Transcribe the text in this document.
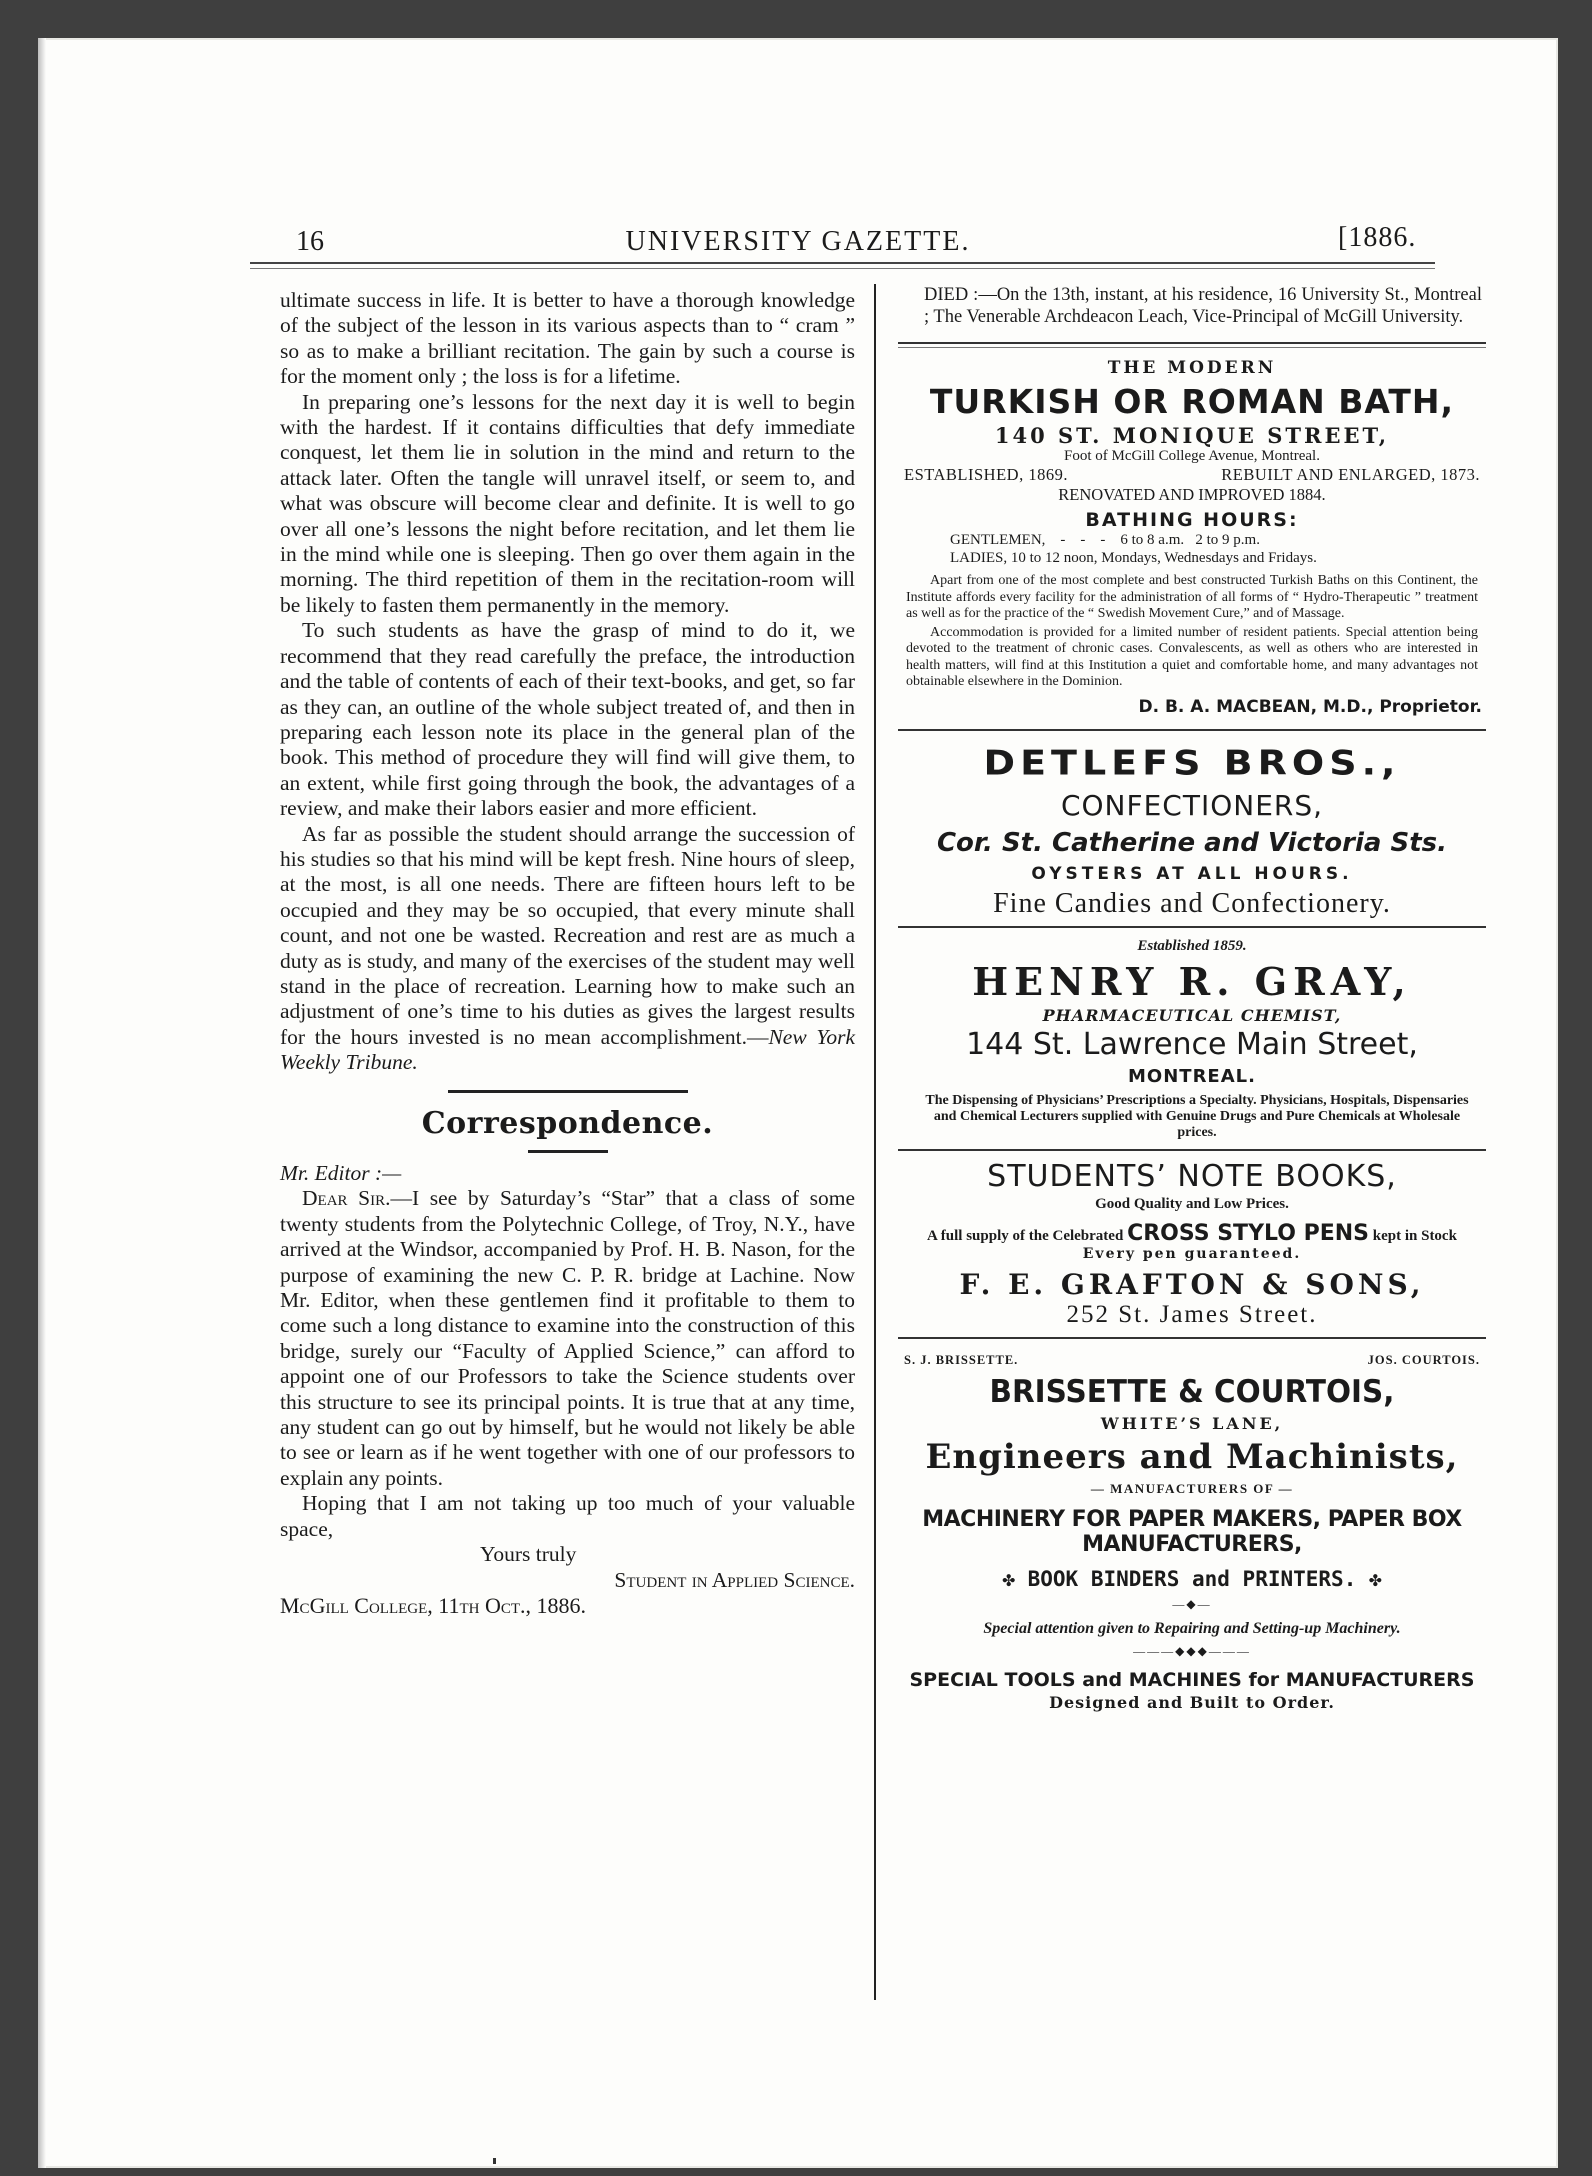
16	UNIVERSITY GAZETTE.	[1886.

ultimate success in life. It is better to have a thorough knowledge of the subject of the lesson in its various aspects than to “ cram ” so as to make a brilliant recitation. The gain by such a course is for the moment only ; the loss is for a lifetime.

In preparing one’s lessons for the next day it is well to begin with the hardest. If it contains difficulties that defy immediate conquest, let them lie in solution in the mind and return to the attack later. Often the tangle will unravel itself, or seem to, and what was obscure will become clear and definite. It is well to go over all one’s lessons the night before recitation, and let them lie in the mind while one is sleeping. Then go over them again in the morning. The third repetition of them in the recitation-room will be likely to fasten them permanently in the memory.

To such students as have the grasp of mind to do it, we recommend that they read carefully the preface, the introduction and the table of contents of each of their text-books, and get, so far as they can, an outline of the whole subject treated of, and then in preparing each lesson note its place in the general plan of the book. This method of procedure they will find will give them, to an extent, while first going through the book, the advantages of a review, and make their labors easier and more efficient.

As far as possible the student should arrange the succession of his studies so that his mind will be kept fresh. Nine hours of sleep, at the most, is all one needs. There are fifteen hours left to be occupied and they may be so occupied, that every minute shall count, and not one be wasted. Recreation and rest are as much a duty as is study, and many of the exercises of the student may well stand in the place of recreation. Learning how to make such an adjustment of one’s time to his duties as gives the largest results for the hours invested is no mean accomplishment.—New York Weekly Tribune.

Correspondence.

Mr. Editor :—

Dear Sir.—I see by Saturday’s “Star” that a class of some twenty students from the Polytechnic College, of Troy, N.Y., have arrived at the Windsor, accompanied by Prof. H. B. Nason, for the purpose of examining the new C. P. R. bridge at Lachine. Now Mr. Editor, when these gentlemen find it profitable to them to come such a long distance to examine into the construction of this bridge, surely our “Faculty of Applied Science,” can afford to appoint one of our Professors to take the Science students over this structure to see its principal points. It is true that at any time, any student can go out by himself, but he would not likely be able to see or learn as if he went together with one of our professors to explain any points.

Hoping that I am not taking up too much of your valuable space,

Yours truly

Student in Applied Science.

McGill College, 11th Oct., 1886.

DIED :—On the 13th, instant, at his residence, 16 University St., Montreal ; The Venerable Archdeacon Leach, Vice-Principal of McGill University.

THE MODERN
TURKISH OR ROMAN BATH,
140 ST. MONIQUE STREET,
Foot of McGill College Avenue, Montreal.
ESTABLISHED, 1869.	REBUILT AND ENLARGED, 1873.
RENOVATED AND IMPROVED 1884.
BATHING HOURS:
GENTLEMEN,    -    -    -    6 to 8 a.m.   2 to 9 p.m.
LADIES, 10 to 12 noon, Mondays, Wednesdays and Fridays.

Apart from one of the most complete and best constructed Turkish Baths on this Continent, the Institute affords every facility for the administration of all forms of “ Hydro-Therapeutic ” treatment as well as for the practice of the “ Swedish Movement Cure,” and of Massage.

Accommodation is provided for a limited number of resident patients. Special attention being devoted to the treatment of chronic cases. Convalescents, as well as others who are interested in health matters, will find at this Institution a quiet and comfortable home, and many advantages not obtainable elsewhere in the Dominion.

D. B. A. MACBEAN, M.D., Proprietor.
DETLEFS BROS.,
CONFECTIONERS,
Cor. St. Catherine and Victoria Sts.
OYSTERS AT ALL HOURS.
Fine Candies and Confectionery.
Established 1859.
HENRY R. GRAY,
PHARMACEUTICAL CHEMIST,
144 St. Lawrence Main Street,
MONTREAL.

The Dispensing of Physicians’ Prescriptions a Specialty. Physicians, Hospitals, Dispensaries and Chemical Lecturers supplied with Genuine Drugs and Pure Chemicals at Wholesale prices.

STUDENTS’ NOTE BOOKS,
Good Quality and Low Prices.
A full supply of the Celebrated CROSS STYLO PENS kept in Stock
Every pen guaranteed.
F. E. GRAFTON & SONS,
252 St. James Street.
S. J. BRISSETTE.	JOS. COURTOIS.
BRISSETTE & COURTOIS,
WHITE’S LANE,
Engineers and Machinists,
— MANUFACTURERS OF —
MACHINERY FOR PAPER MAKERS, PAPER BOX MANUFACTURERS,
✤ BOOK BINDERS and PRINTERS. ✤
—◆—
Special attention given to Repairing and Setting-up Machinery.
———◆◆◆———
SPECIAL TOOLS and MACHINES for MANUFACTURERS
Designed and Built to Order.
